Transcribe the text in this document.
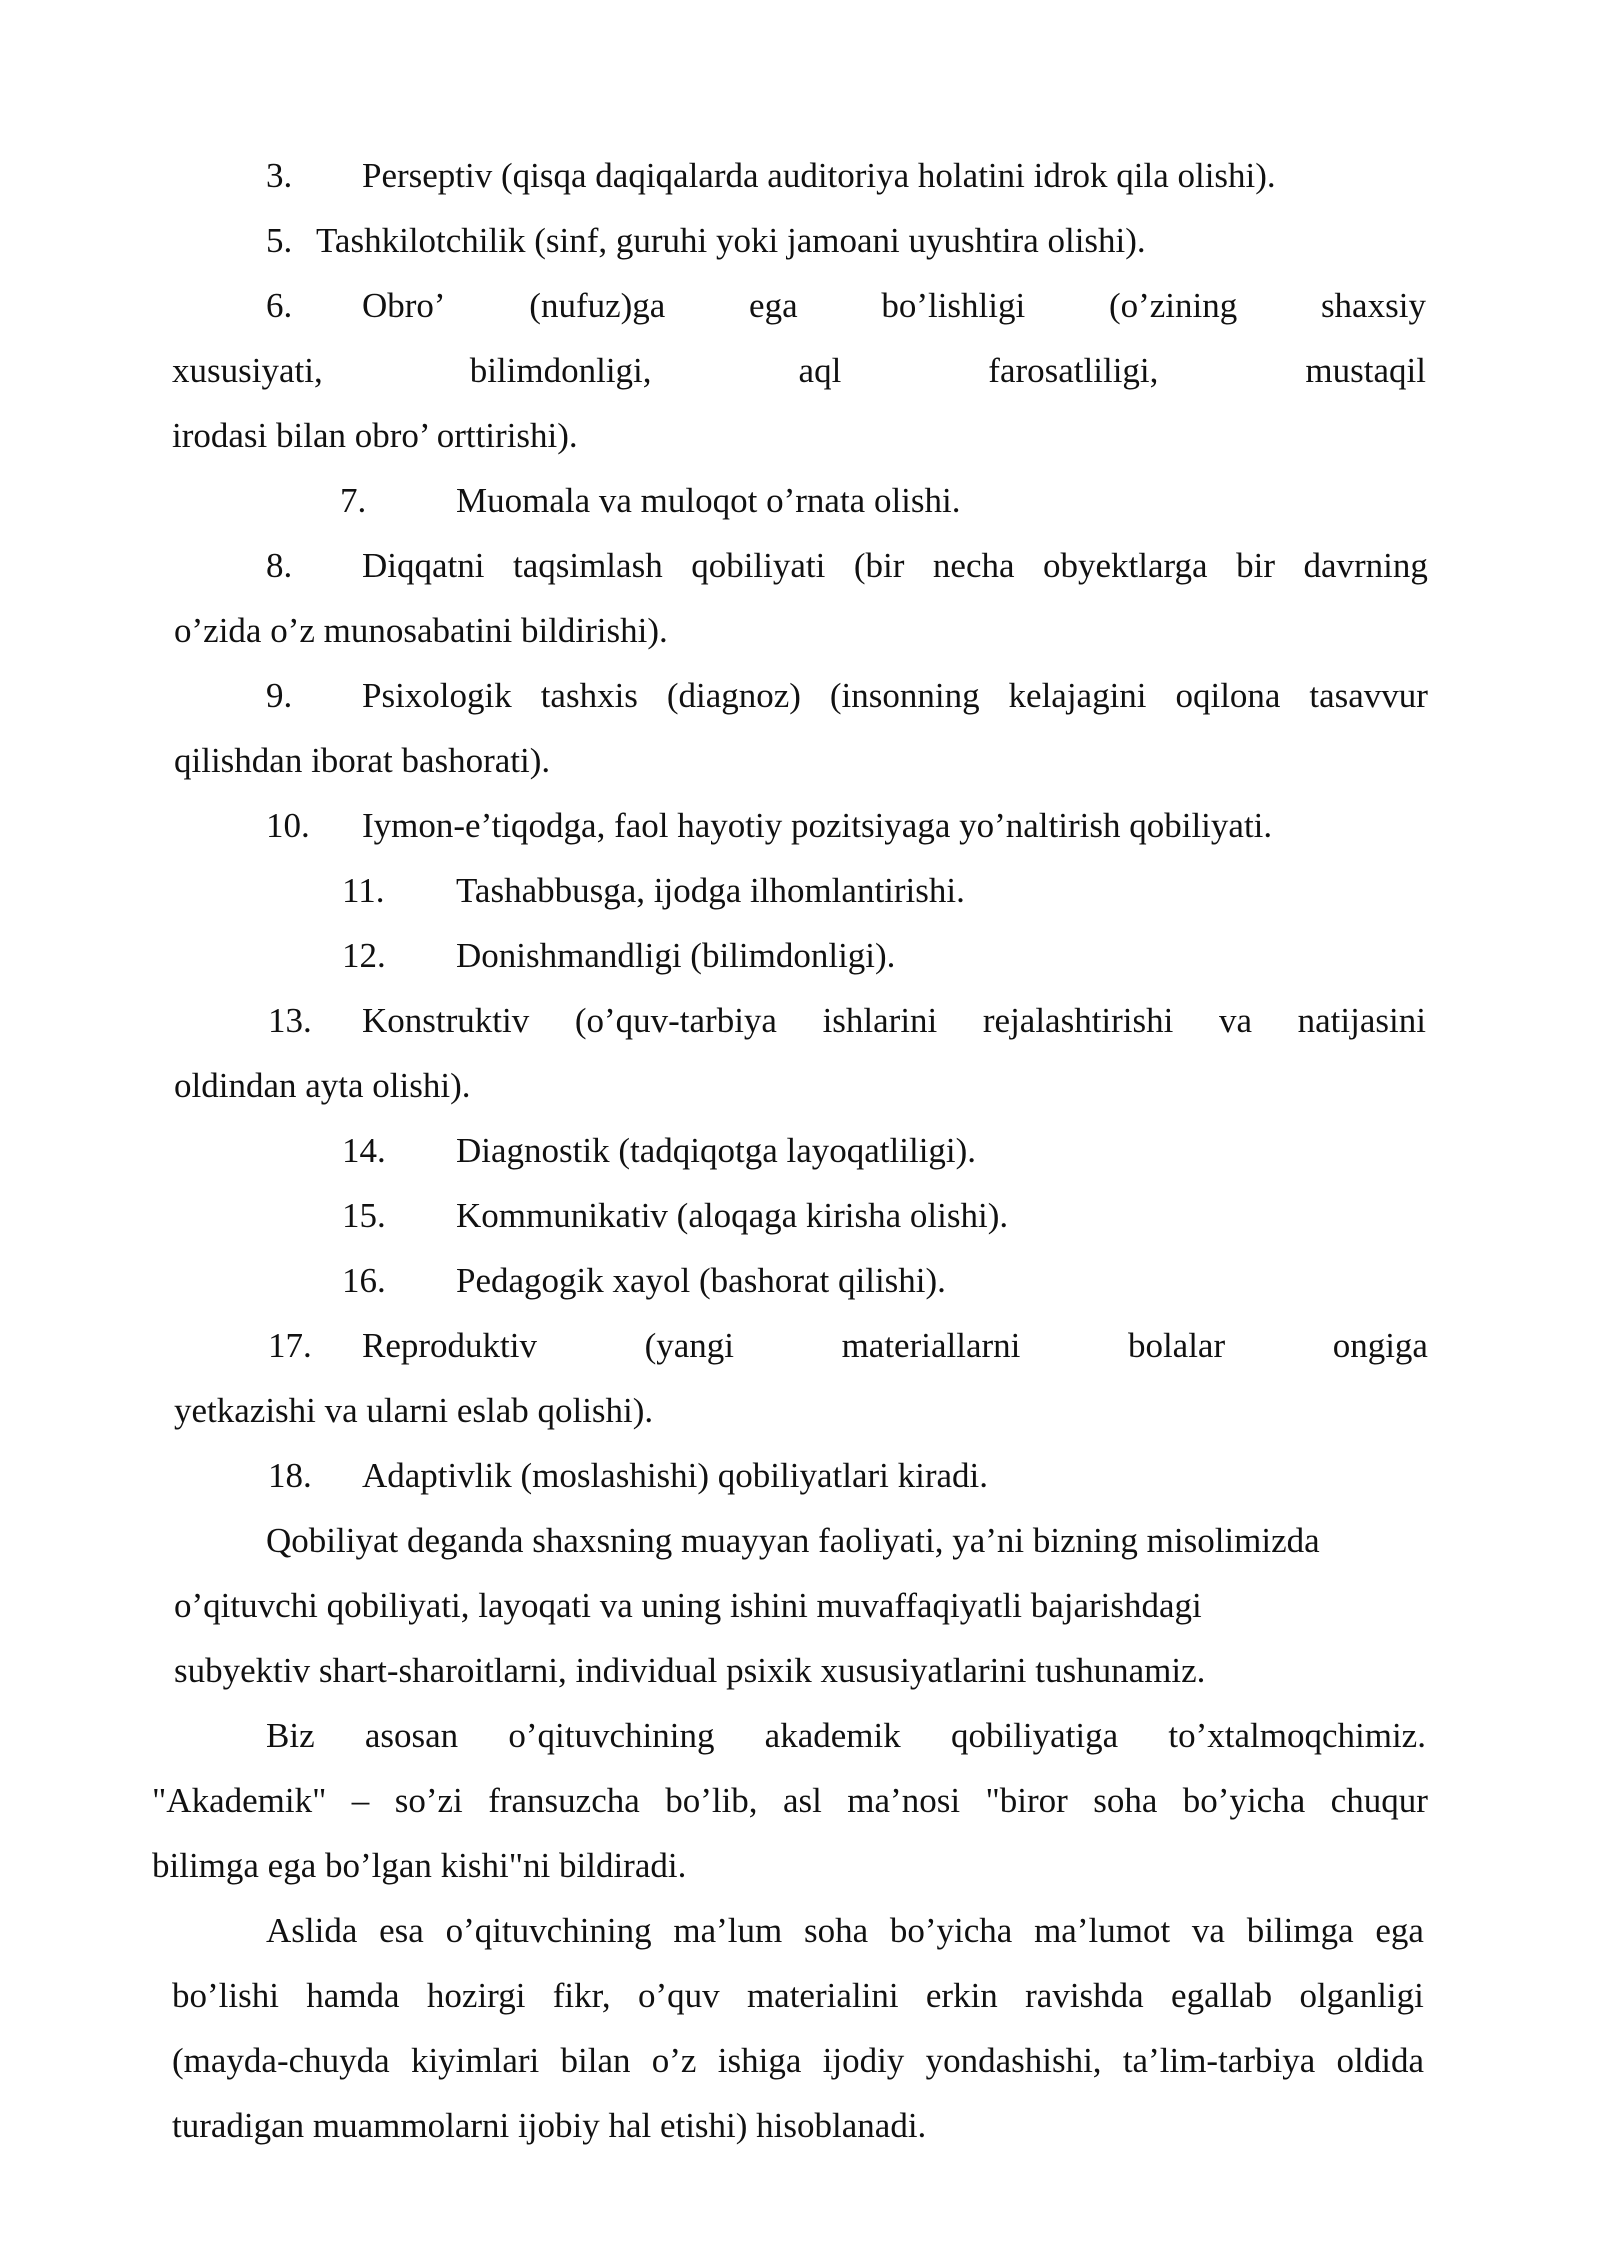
3. Perseptiv (qisqa daqiqalarda auditoriya holatini idrok qila olishi).
5. Tashkilotchilik (sinf, guruhi yoki jamoani uyushtira olishi).
6. Obro’ (nufuz)ga ega bo’lishligi (o’zining shaxsiy
xususiyati,	bilimdonligi,	aql	farosatliligi,	mustaqil
irodasi bilan obro’ orttirishi).
7.	Muomala va muloqot o’rnata olishi.
8. Diqqatni taqsimlash qobiliyati (bir necha obyektlarga bir davrning
o’zida o’z munosabatini bildirishi).
9. Psixologik tashxis (diagnoz) (insonning kelajagini oqilona tasavvur
qilishdan iborat bashorati).
10. Iymon-e’tiqodga, faol hayotiy pozitsiyaga yo’naltirish qobiliyati.
11. Tashabbusga, ijodga ilhomlantirishi.
12. Donishmandligi (bilimdonligi).
13. Konstruktiv (o’quv-tarbiya ishlarini rejalashtirishi va natijasini
oldindan ayta olishi).
14. Diagnostik (tadqiqotga layoqatliligi).
15. Kommunikativ (aloqaga kirisha olishi).
16. Pedagogik xayol (bashorat qilishi).
17. Reproduktiv	(yangi	materiallarni	bolalar	ongiga
yetkazishi va ularni eslab qolishi).
18. Adaptivlik (moslashishi) qobiliyatlari kiradi.
Qobiliyat deganda shaxsning muayyan faoliyati, ya’ni bizning misolimizda
o’qituvchi qobiliyati, layoqati va uning ishini muvaffaqiyatli bajarishdagi
subyektiv shart-sharoitlarni, individual psixik xususiyatlarini tushunamiz.
Biz asosan o’qituvchining akademik qobiliyatiga to’xtalmoqchimiz.
"Akademik" – so’zi fransuzcha bo’lib, asl ma’nosi "biror soha bo’yicha chuqur
bilimga ega bo’lgan kishi"ni bildiradi.
Aslida esa o’qituvchining ma’lum soha bo’yicha ma’lumot va bilimga ega
bo’lishi hamda hozirgi fikr, o’quv materialini erkin ravishda egallab olganligi
(mayda-chuyda kiyimlari bilan o’z ishiga ijodiy yondashishi, ta’lim-tarbiya oldida
turadigan muammolarni ijobiy hal etishi) hisoblanadi.
